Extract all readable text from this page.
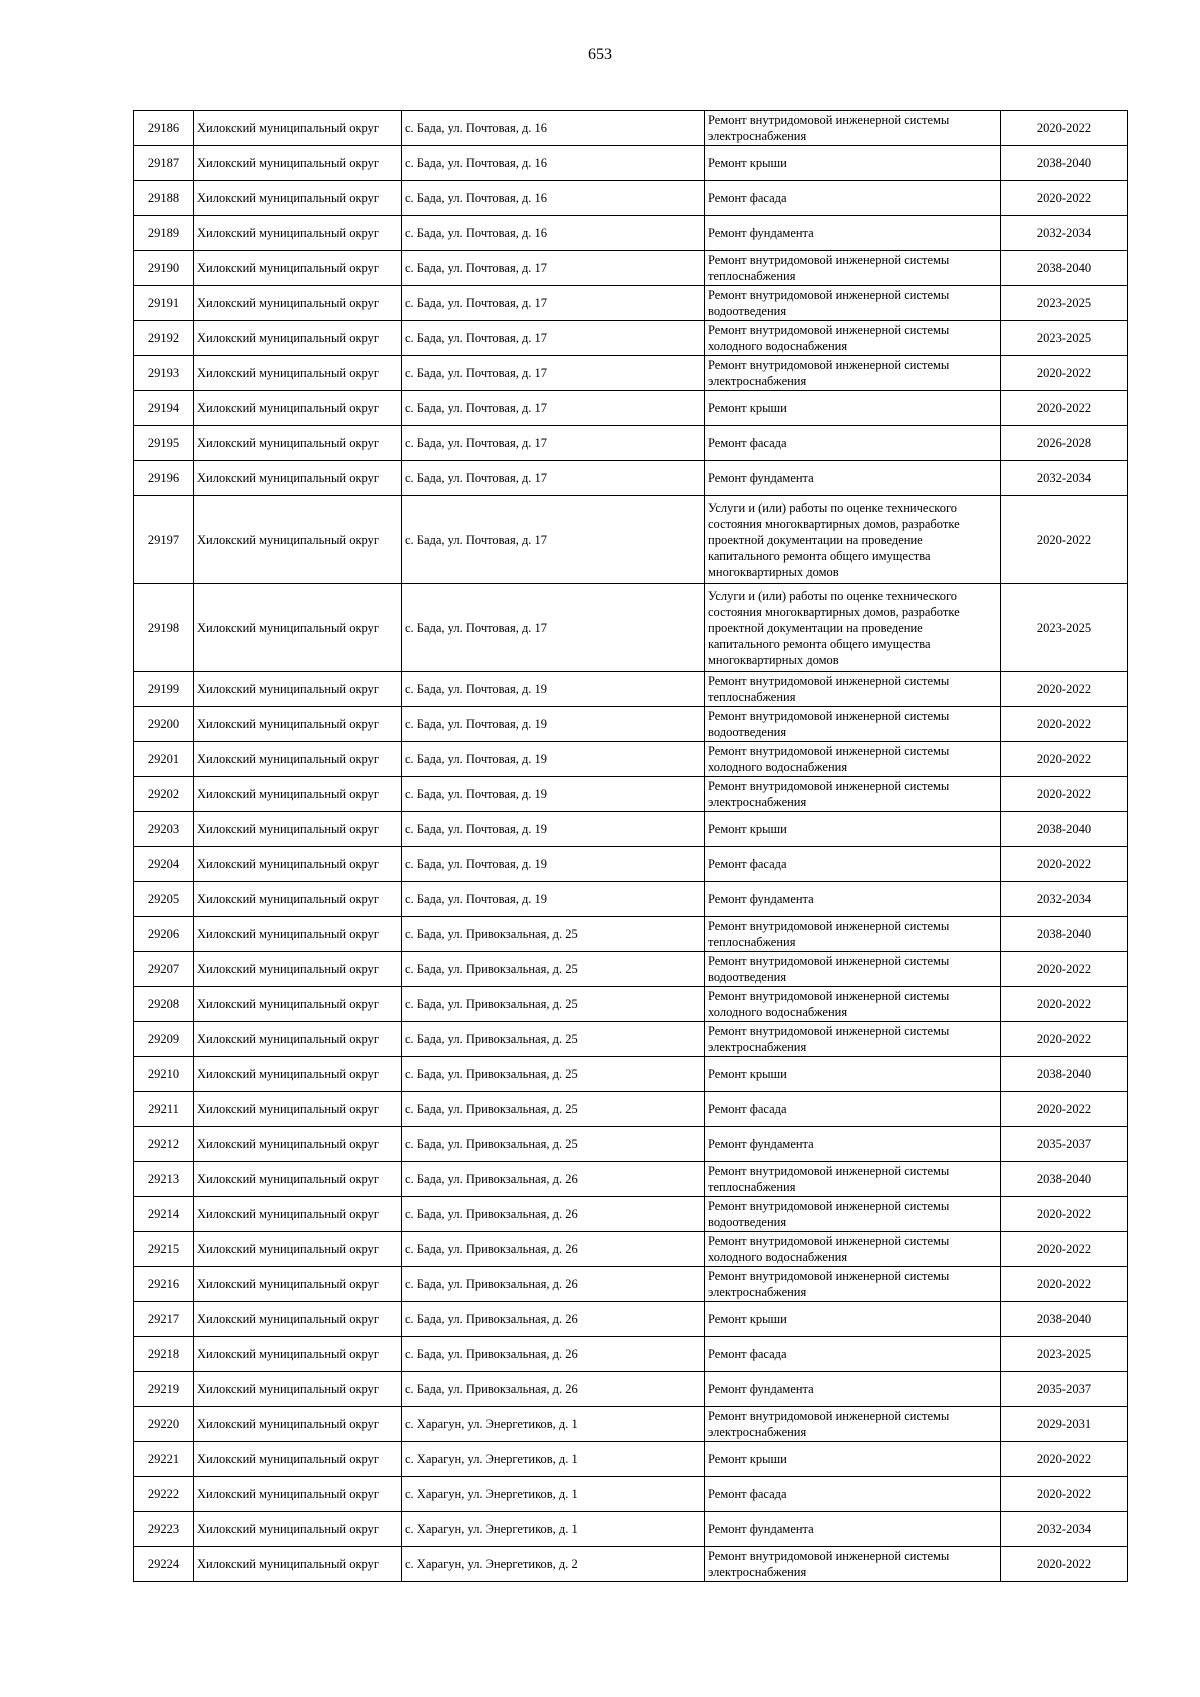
653
29186	Хилокский муниципальный округ	с. Бада, ул. Почтовая, д. 16	Ремонт внутридомовой инженерной системы электроснабжения	2020-2022
29187	Хилокский муниципальный округ	с. Бада, ул. Почтовая, д. 16	Ремонт крыши	2038-2040
29188	Хилокский муниципальный округ	с. Бада, ул. Почтовая, д. 16	Ремонт фасада	2020-2022
29189	Хилокский муниципальный округ	с. Бада, ул. Почтовая, д. 16	Ремонт фундамента	2032-2034
29190	Хилокский муниципальный округ	с. Бада, ул. Почтовая, д. 17	Ремонт внутридомовой инженерной системы теплоснабжения	2038-2040
29191	Хилокский муниципальный округ	с. Бада, ул. Почтовая, д. 17	Ремонт внутридомовой инженерной системы водоотведения	2023-2025
29192	Хилокский муниципальный округ	с. Бада, ул. Почтовая, д. 17	Ремонт внутридомовой инженерной системы холодного водоснабжения	2023-2025
29193	Хилокский муниципальный округ	с. Бада, ул. Почтовая, д. 17	Ремонт внутридомовой инженерной системы электроснабжения	2020-2022
29194	Хилокский муниципальный округ	с. Бада, ул. Почтовая, д. 17	Ремонт крыши	2020-2022
29195	Хилокский муниципальный округ	с. Бада, ул. Почтовая, д. 17	Ремонт фасада	2026-2028
29196	Хилокский муниципальный округ	с. Бада, ул. Почтовая, д. 17	Ремонт фундамента	2032-2034
29197	Хилокский муниципальный округ	с. Бада, ул. Почтовая, д. 17	Услуги и (или) работы по оценке технического состояния многоквартирных домов, разработке проектной документации на проведение капитального ремонта общего имущества многоквартирных домов	2020-2022
29198	Хилокский муниципальный округ	с. Бада, ул. Почтовая, д. 17	Услуги и (или) работы по оценке технического состояния многоквартирных домов, разработке проектной документации на проведение капитального ремонта общего имущества многоквартирных домов	2023-2025
29199	Хилокский муниципальный округ	с. Бада, ул. Почтовая, д. 19	Ремонт внутридомовой инженерной системы теплоснабжения	2020-2022
29200	Хилокский муниципальный округ	с. Бада, ул. Почтовая, д. 19	Ремонт внутридомовой инженерной системы водоотведения	2020-2022
29201	Хилокский муниципальный округ	с. Бада, ул. Почтовая, д. 19	Ремонт внутридомовой инженерной системы холодного водоснабжения	2020-2022
29202	Хилокский муниципальный округ	с. Бада, ул. Почтовая, д. 19	Ремонт внутридомовой инженерной системы электроснабжения	2020-2022
29203	Хилокский муниципальный округ	с. Бада, ул. Почтовая, д. 19	Ремонт крыши	2038-2040
29204	Хилокский муниципальный округ	с. Бада, ул. Почтовая, д. 19	Ремонт фасада	2020-2022
29205	Хилокский муниципальный округ	с. Бада, ул. Почтовая, д. 19	Ремонт фундамента	2032-2034
29206	Хилокский муниципальный округ	с. Бада, ул. Привокзальная, д. 25	Ремонт внутридомовой инженерной системы теплоснабжения	2038-2040
29207	Хилокский муниципальный округ	с. Бада, ул. Привокзальная, д. 25	Ремонт внутридомовой инженерной системы водоотведения	2020-2022
29208	Хилокский муниципальный округ	с. Бада, ул. Привокзальная, д. 25	Ремонт внутридомовой инженерной системы холодного водоснабжения	2020-2022
29209	Хилокский муниципальный округ	с. Бада, ул. Привокзальная, д. 25	Ремонт внутридомовой инженерной системы электроснабжения	2020-2022
29210	Хилокский муниципальный округ	с. Бада, ул. Привокзальная, д. 25	Ремонт крыши	2038-2040
29211	Хилокский муниципальный округ	с. Бада, ул. Привокзальная, д. 25	Ремонт фасада	2020-2022
29212	Хилокский муниципальный округ	с. Бада, ул. Привокзальная, д. 25	Ремонт фундамента	2035-2037
29213	Хилокский муниципальный округ	с. Бада, ул. Привокзальная, д. 26	Ремонт внутридомовой инженерной системы теплоснабжения	2038-2040
29214	Хилокский муниципальный округ	с. Бада, ул. Привокзальная, д. 26	Ремонт внутридомовой инженерной системы водоотведения	2020-2022
29215	Хилокский муниципальный округ	с. Бада, ул. Привокзальная, д. 26	Ремонт внутридомовой инженерной системы холодного водоснабжения	2020-2022
29216	Хилокский муниципальный округ	с. Бада, ул. Привокзальная, д. 26	Ремонт внутридомовой инженерной системы электроснабжения	2020-2022
29217	Хилокский муниципальный округ	с. Бада, ул. Привокзальная, д. 26	Ремонт крыши	2038-2040
29218	Хилокский муниципальный округ	с. Бада, ул. Привокзальная, д. 26	Ремонт фасада	2023-2025
29219	Хилокский муниципальный округ	с. Бада, ул. Привокзальная, д. 26	Ремонт фундамента	2035-2037
29220	Хилокский муниципальный округ	с. Харагун, ул. Энергетиков, д. 1	Ремонт внутридомовой инженерной системы электроснабжения	2029-2031
29221	Хилокский муниципальный округ	с. Харагун, ул. Энергетиков, д. 1	Ремонт крыши	2020-2022
29222	Хилокский муниципальный округ	с. Харагун, ул. Энергетиков, д. 1	Ремонт фасада	2020-2022
29223	Хилокский муниципальный округ	с. Харагун, ул. Энергетиков, д. 1	Ремонт фундамента	2032-2034
29224	Хилокский муниципальный округ	с. Харагун, ул. Энергетиков, д. 2	Ремонт внутридомовой инженерной системы электроснабжения	2020-2022
